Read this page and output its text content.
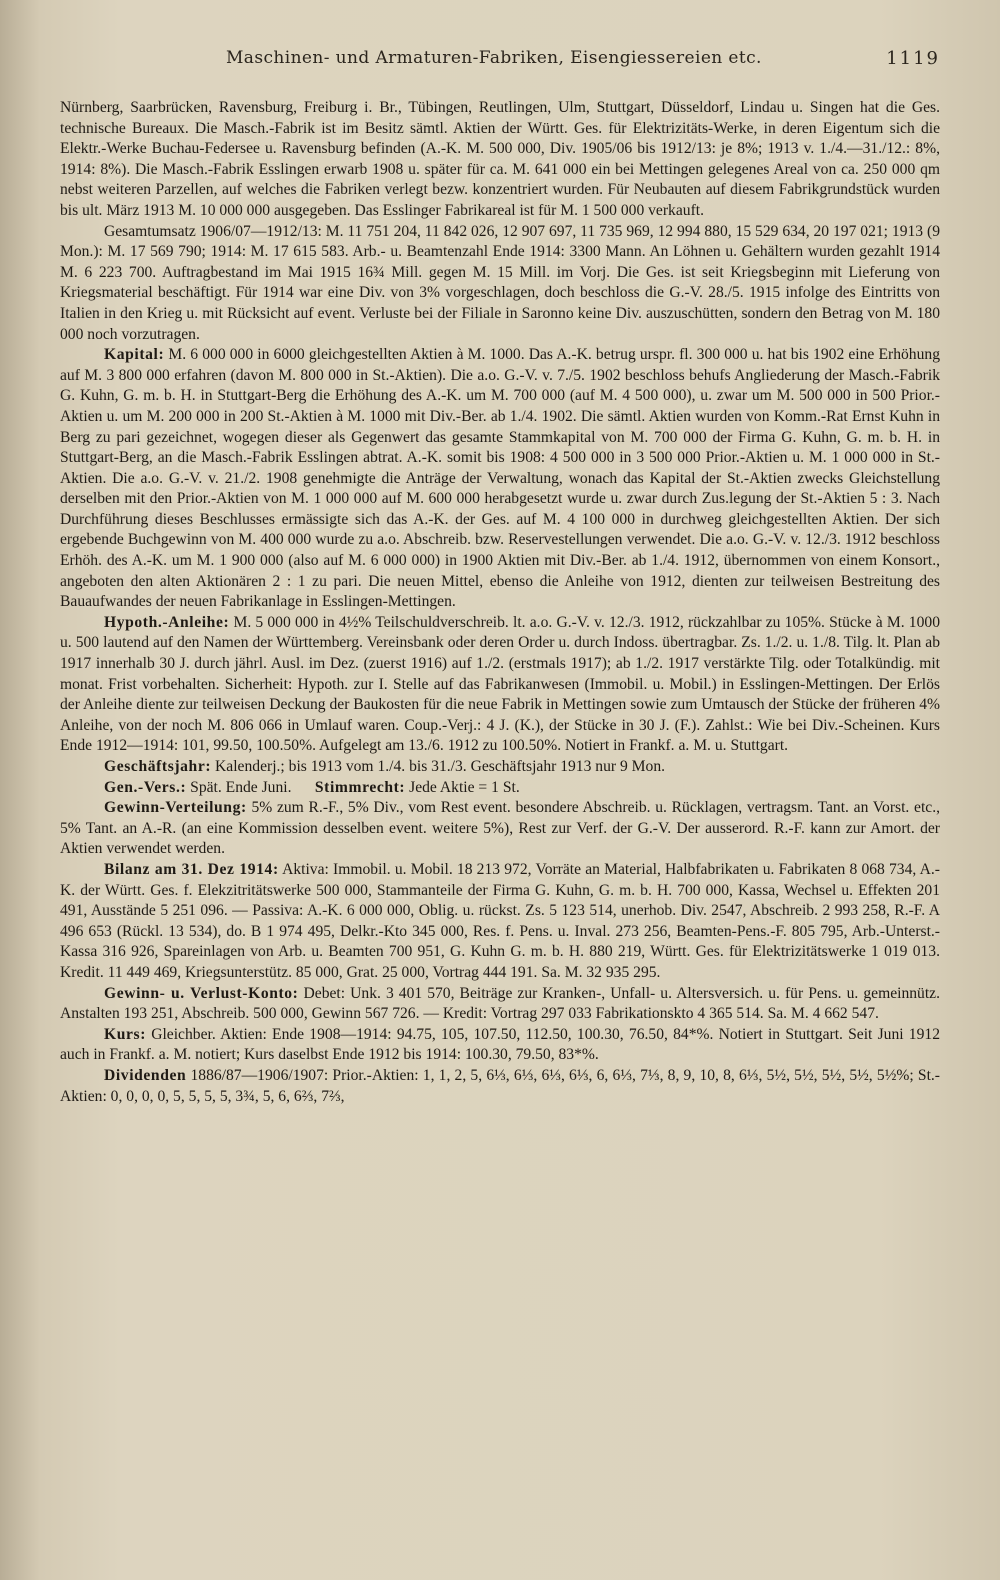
Maschinen- und Armaturen-Fabriken, Eisengiessereien etc.	1119

Nürnberg, Saarbrücken, Ravensburg, Freiburg i. Br., Tübingen, Reutlingen, Ulm, Stuttgart, Düsseldorf, Lindau u. Singen hat die Ges. technische Bureaux. Die Masch.-Fabrik ist im Besitz sämtl. Aktien der Württ. Ges. für Elektrizitäts-Werke, in deren Eigentum sich die Elektr.-Werke Buchau-Federsee u. Ravensburg befinden (A.-K. M. 500 000, Div. 1905/06 bis 1912/13: je 8%; 1913 v. 1./4.—31./12.: 8%, 1914: 8%). Die Masch.-Fabrik Esslingen erwarb 1908 u. später für ca. M. 641 000 ein bei Mettingen gelegenes Areal von ca. 250 000 qm nebst weiteren Parzellen, auf welches die Fabriken verlegt bezw. konzentriert wurden. Für Neubauten auf diesem Fabrikgrundstück wurden bis ult. März 1913 M. 10 000 000 ausgegeben. Das Esslinger Fabrikareal ist für M. 1 500 000 verkauft.

Gesamtumsatz 1906/07—1912/13: M. 11 751 204, 11 842 026, 12 907 697, 11 735 969, 12 994 880, 15 529 634, 20 197 021; 1913 (9 Mon.): M. 17 569 790; 1914: M. 17 615 583. Arb.- u. Beamtenzahl Ende 1914: 3300 Mann. An Löhnen u. Gehältern wurden gezahlt 1914 M. 6 223 700. Auftragbestand im Mai 1915 16¾ Mill. gegen M. 15 Mill. im Vorj. Die Ges. ist seit Kriegsbeginn mit Lieferung von Kriegsmaterial beschäftigt. Für 1914 war eine Div. von 3% vorgeschlagen, doch beschloss die G.-V. 28./5. 1915 infolge des Eintritts von Italien in den Krieg u. mit Rücksicht auf event. Verluste bei der Filiale in Saronno keine Div. auszuschütten, sondern den Betrag von M. 180 000 noch vorzutragen.

Kapital: M. 6 000 000 in 6000 gleichgestellten Aktien à M. 1000. Das A.-K. betrug urspr. fl. 300 000 u. hat bis 1902 eine Erhöhung auf M. 3 800 000 erfahren (davon M. 800 000 in St.-Aktien). Die a.o. G.-V. v. 7./5. 1902 beschloss behufs Angliederung der Masch.-Fabrik G. Kuhn, G. m. b. H. in Stuttgart-Berg die Erhöhung des A.-K. um M. 700 000 (auf M. 4 500 000), u. zwar um M. 500 000 in 500 Prior.-Aktien u. um M. 200 000 in 200 St.-Aktien à M. 1000 mit Div.-Ber. ab 1./4. 1902. Die sämtl. Aktien wurden von Komm.-Rat Ernst Kuhn in Berg zu pari gezeichnet, wogegen dieser als Gegenwert das gesamte Stammkapital von M. 700 000 der Firma G. Kuhn, G. m. b. H. in Stuttgart-Berg, an die Masch.-Fabrik Esslingen abtrat. A.-K. somit bis 1908: 4 500 000 in 3 500 000 Prior.-Aktien u. M. 1 000 000 in St.-Aktien. Die a.o. G.-V. v. 21./2. 1908 genehmigte die Anträge der Verwaltung, wonach das Kapital der St.-Aktien zwecks Gleichstellung derselben mit den Prior.-Aktien von M. 1 000 000 auf M. 600 000 herabgesetzt wurde u. zwar durch Zus.legung der St.-Aktien 5 : 3. Nach Durchführung dieses Beschlusses ermässigte sich das A.-K. der Ges. auf M. 4 100 000 in durchweg gleichgestellten Aktien. Der sich ergebende Buchgewinn von M. 400 000 wurde zu a.o. Abschreib. bzw. Reservestellungen verwendet. Die a.o. G.-V. v. 12./3. 1912 beschloss Erhöh. des A.-K. um M. 1 900 000 (also auf M. 6 000 000) in 1900 Aktien mit Div.-Ber. ab 1./4. 1912, übernommen von einem Konsort., angeboten den alten Aktionären 2 : 1 zu pari. Die neuen Mittel, ebenso die Anleihe von 1912, dienten zur teilweisen Bestreitung des Bauaufwandes der neuen Fabrikanlage in Esslingen-Mettingen.

Hypoth.-Anleihe: M. 5 000 000 in 4½% Teilschuldverschreib. lt. a.o. G.-V. v. 12./3. 1912, rückzahlbar zu 105%. Stücke à M. 1000 u. 500 lautend auf den Namen der Württemberg. Vereinsbank oder deren Order u. durch Indoss. übertragbar. Zs. 1./2. u. 1./8. Tilg. lt. Plan ab 1917 innerhalb 30 J. durch jährl. Ausl. im Dez. (zuerst 1916) auf 1./2. (erstmals 1917); ab 1./2. 1917 verstärkte Tilg. oder Totalkündig. mit monat. Frist vorbehalten. Sicherheit: Hypoth. zur I. Stelle auf das Fabrikanwesen (Immobil. u. Mobil.) in Esslingen-Mettingen. Der Erlös der Anleihe diente zur teilweisen Deckung der Baukosten für die neue Fabrik in Mettingen sowie zum Umtausch der Stücke der früheren 4% Anleihe, von der noch M. 806 066 in Umlauf waren. Coup.-Verj.: 4 J. (K.), der Stücke in 30 J. (F.). Zahlst.: Wie bei Div.-Scheinen. Kurs Ende 1912—1914: 101, 99.50, 100.50%. Aufgelegt am 13./6. 1912 zu 100.50%. Notiert in Frankf. a. M. u. Stuttgart.

Geschäftsjahr: Kalenderj.; bis 1913 vom 1./4. bis 31./3. Geschäftsjahr 1913 nur 9 Mon.

Gen.-Vers.: Spät. Ende Juni. Stimmrecht: Jede Aktie = 1 St.

Gewinn-Verteilung: 5% zum R.-F., 5% Div., vom Rest event. besondere Abschreib. u. Rücklagen, vertragsm. Tant. an Vorst. etc., 5% Tant. an A.-R. (an eine Kommission desselben event. weitere 5%), Rest zur Verf. der G.-V. Der ausserord. R.-F. kann zur Amort. der Aktien verwendet werden.

Bilanz am 31. Dez 1914: Aktiva: Immobil. u. Mobil. 18 213 972, Vorräte an Material, Halbfabrikaten u. Fabrikaten 8 068 734, A.-K. der Württ. Ges. f. Elekzitritätswerke 500 000, Stammanteile der Firma G. Kuhn, G. m. b. H. 700 000, Kassa, Wechsel u. Effekten 201 491, Ausstände 5 251 096. — Passiva: A.-K. 6 000 000, Oblig. u. rückst. Zs. 5 123 514, unerhob. Div. 2547, Abschreib. 2 993 258, R.-F. A 496 653 (Rückl. 13 534), do. B 1 974 495, Delkr.-Kto 345 000, Res. f. Pens. u. Inval. 273 256, Beamten-Pens.-F. 805 795, Arb.-Unterst.-Kassa 316 926, Spareinlagen von Arb. u. Beamten 700 951, G. Kuhn G. m. b. H. 880 219, Württ. Ges. für Elektrizitätswerke 1 019 013. Kredit. 11 449 469, Kriegsunterstütz. 85 000, Grat. 25 000, Vortrag 444 191. Sa. M. 32 935 295.

Gewinn- u. Verlust-Konto: Debet: Unk. 3 401 570, Beiträge zur Kranken-, Unfall- u. Altersversich. u. für Pens. u. gemeinnütz. Anstalten 193 251, Abschreib. 500 000, Gewinn 567 726. — Kredit: Vortrag 297 033 Fabrikationskto 4 365 514. Sa. M. 4 662 547.

Kurs: Gleichber. Aktien: Ende 1908—1914: 94.75, 105, 107.50, 112.50, 100.30, 76.50, 84*%. Notiert in Stuttgart. Seit Juni 1912 auch in Frankf. a. M. notiert; Kurs daselbst Ende 1912 bis 1914: 100.30, 79.50, 83*%.

Dividenden 1886/87—1906/1907: Prior.-Aktien: 1, 1, 2, 5, 6⅓, 6⅓, 6⅓, 6⅓, 6, 6⅓, 7⅓, 8, 9, 10, 8, 6⅓, 5½, 5½, 5½, 5½, 5½%; St.-Aktien: 0, 0, 0, 0, 5, 5, 5, 5, 3¾, 5, 6, 6⅔, 7⅔,
